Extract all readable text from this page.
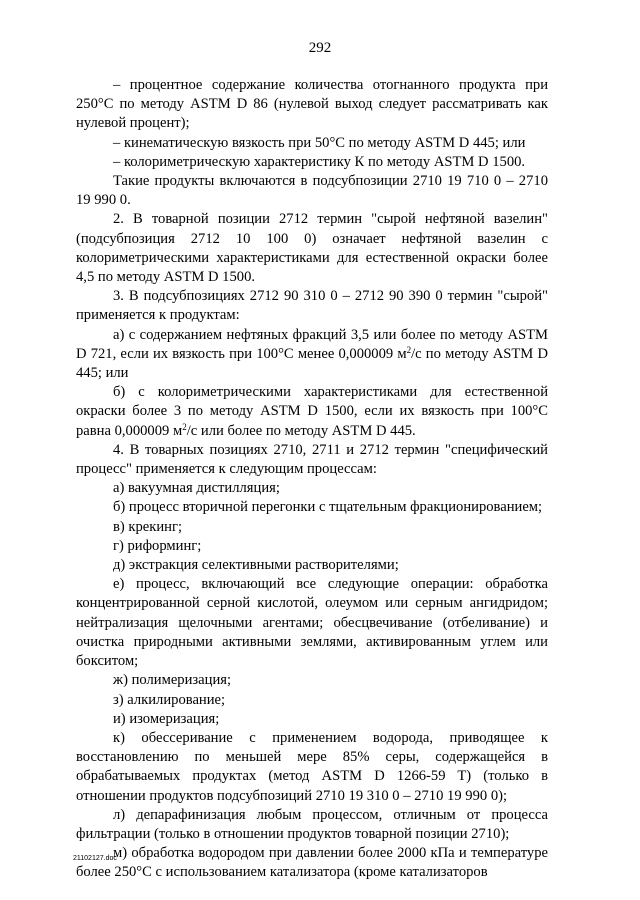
292

– процентное содержание количества отогнанного продукта при 250°С по методу ASTM D 86 (нулевой выход следует рассматривать как нулевой процент);

– кинематическую вязкость при 50°С по методу ASTM D 445; или

– колориметрическую характеристику К по методу ASTM D 1500.

Такие продукты включаются в подсубпозиции 2710 19 710 0 – 2710 19 990 0.

2. В товарной позиции 2712 термин "сырой нефтяной вазелин" (подсубпозиция 2712 10 100 0) означает нефтяной вазелин с колориметрическими характеристиками для естественной окраски более 4,5 по методу ASTM D 1500.

3. В подсубпозициях 2712 90 310 0 – 2712 90 390 0 термин "сырой" применяется к продуктам:

а) с содержанием нефтяных фракций 3,5 или более по методу ASTM D 721, если их вязкость при 100°С менее 0,000009 $м^2/с$ по методу ASTM D 445; или

б) с колориметрическими характеристиками для естественной окраски более 3 по методу ASTM D 1500, если их вязкость при 100°С равна 0,000009 $м^2/с$ или более по методу ASTM D 445.

4. В товарных позициях 2710, 2711 и 2712 термин "специфический процесс" применяется к следующим процессам:

а) вакуумная дистилляция;

б) процесс вторичной перегонки с тщательным фракционированием;

в) крекинг;

г) риформинг;

д) экстракция селективными растворителями;

е) процесс, включающий все следующие операции: обработка концентрированной серной кислотой, олеумом или серным ангидридом; нейтрализация щелочными агентами; обесцвечивание (отбеливание) и очистка природными активными землями, активированным углем или бокситом;

ж) полимеризация;

з) алкилирование;

и) изомеризация;

к) обессеривание с применением водорода, приводящее к восстановлению по меньшей мере 85% серы, содержащейся в обрабатываемых продуктах (метод ASTM D 1266-59 T) (только в отношении продуктов подсубпозиций 2710 19 310 0 – 2710 19 990 0);

л) депарафинизация любым процессом, отличным от процесса фильтрации (только в отношении продуктов товарной позиции 2710);

м) обработка водородом при давлении более 2000 кПа и температуре более 250°С с использованием катализатора (кроме катализаторов

21102127.doc
